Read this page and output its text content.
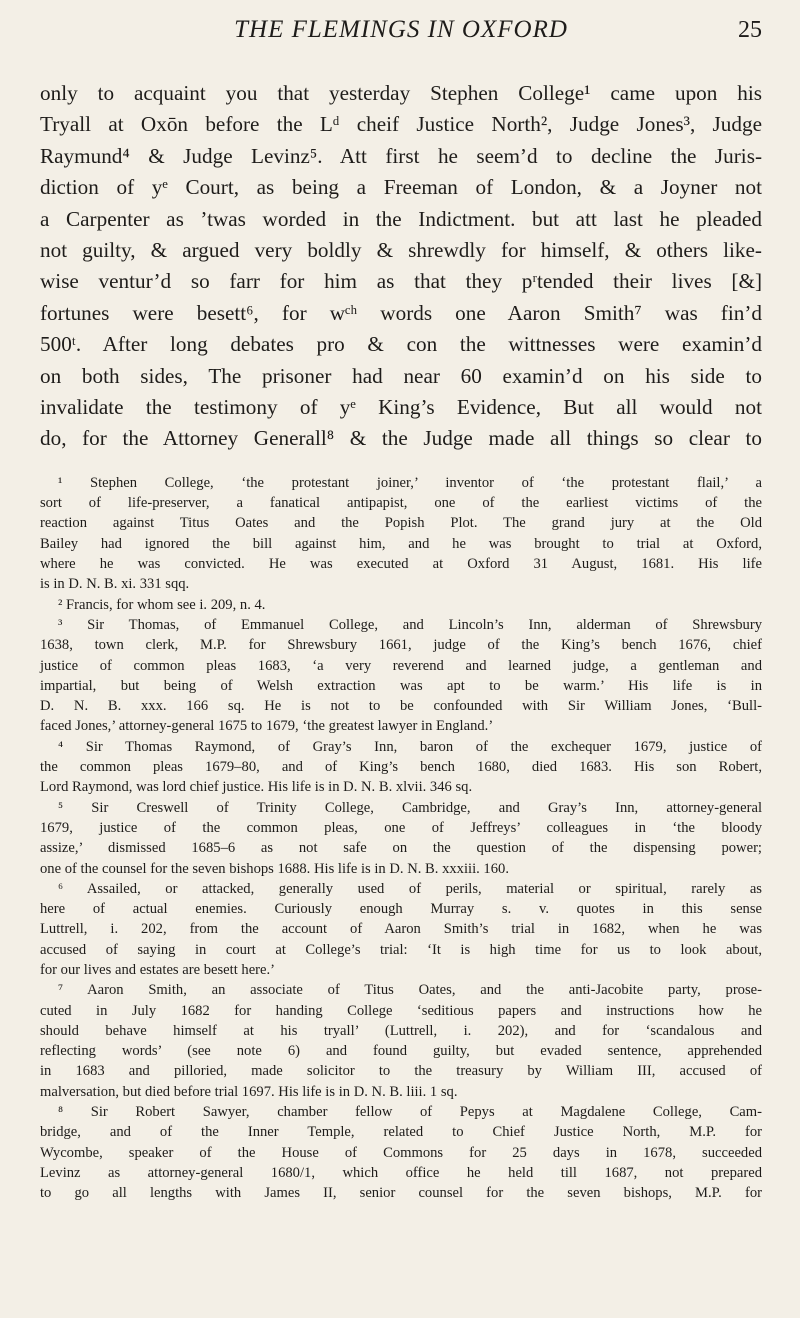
THE FLEMINGS IN OXFORD	25
only to acquaint you that yesterday Stephen College¹ came upon his
Tryall at Oxōn before the Lᵈ cheif Justice North², Judge Jones³, Judge
Raymund⁴ & Judge Levinz⁵. Att first he seem’d to decline the Juris-
diction of yᵉ Court, as being a Freeman of London, & a Joyner not
a Carpenter as ’twas worded in the Indictment. but att last he pleaded
not guilty, & argued very boldly & shrewdly for himself, & others like-
wise ventur’d so farr for him as that they pʳtended their lives [&]
fortunes were besett⁶, for wᶜʰ words one Aaron Smith⁷ was fin’d
500ᵗ. After long debates pro & con the wittnesses were examin’d
on both sides, The prisoner had near 60 examin’d on his side to
invalidate the testimony of yᵉ King’s Evidence, But all would not
do, for the Attorney Generall⁸ & the Judge made all things so clear to
¹ Stephen College, ‘the protestant joiner,’ inventor of ‘the protestant flail,’ a
sort of life-preserver, a fanatical antipapist, one of the earliest victims of the
reaction against Titus Oates and the Popish Plot. The grand jury at the Old
Bailey had ignored the bill against him, and he was brought to trial at Oxford,
where he was convicted. He was executed at Oxford 31 August, 1681. His life
is in D. N. B. xi. 331 sqq.
² Francis, for whom see i. 209, n. 4.
³ Sir Thomas, of Emmanuel College, and Lincoln’s Inn, alderman of Shrewsbury
1638, town clerk, M.P. for Shrewsbury 1661, judge of the King’s bench 1676, chief
justice of common pleas 1683, ‘a very reverend and learned judge, a gentleman and
impartial, but being of Welsh extraction was apt to be warm.’ His life is in
D. N. B. xxx. 166 sq. He is not to be confounded with Sir William Jones, ‘Bull-
faced Jones,’ attorney-general 1675 to 1679, ‘the greatest lawyer in England.’
⁴ Sir Thomas Raymond, of Gray’s Inn, baron of the exchequer 1679, justice of
the common pleas 1679–80, and of King’s bench 1680, died 1683. His son Robert,
Lord Raymond, was lord chief justice. His life is in D. N. B. xlvii. 346 sq.
⁵ Sir Creswell of Trinity College, Cambridge, and Gray’s Inn, attorney-general
1679, justice of the common pleas, one of Jeffreys’ colleagues in ‘the bloody
assize,’ dismissed 1685–6 as not safe on the question of the dispensing power;
one of the counsel for the seven bishops 1688. His life is in D. N. B. xxxiii. 160.
⁶ Assailed, or attacked, generally used of perils, material or spiritual, rarely as
here of actual enemies. Curiously enough Murray s. v. quotes in this sense
Luttrell, i. 202, from the account of Aaron Smith’s trial in 1682, when he was
accused of saying in court at College’s trial: ‘It is high time for us to look about,
for our lives and estates are besett here.’
⁷ Aaron Smith, an associate of Titus Oates, and the anti-Jacobite party, prose-
cuted in July 1682 for handing College ‘seditious papers and instructions how he
should behave himself at his tryall’ (Luttrell, i. 202), and for ‘scandalous and
reflecting words’ (see note 6) and found guilty, but evaded sentence, apprehended
in 1683 and pilloried, made solicitor to the treasury by William III, accused of
malversation, but died before trial 1697. His life is in D. N. B. liii. 1 sq.
⁸ Sir Robert Sawyer, chamber fellow of Pepys at Magdalene College, Cam-
bridge, and of the Inner Temple, related to Chief Justice North, M.P. for
Wycombe, speaker of the House of Commons for 25 days in 1678, succeeded
Levinz as attorney-general 1680/1, which office he held till 1687, not prepared
to go all lengths with James II, senior counsel for the seven bishops, M.P. for
